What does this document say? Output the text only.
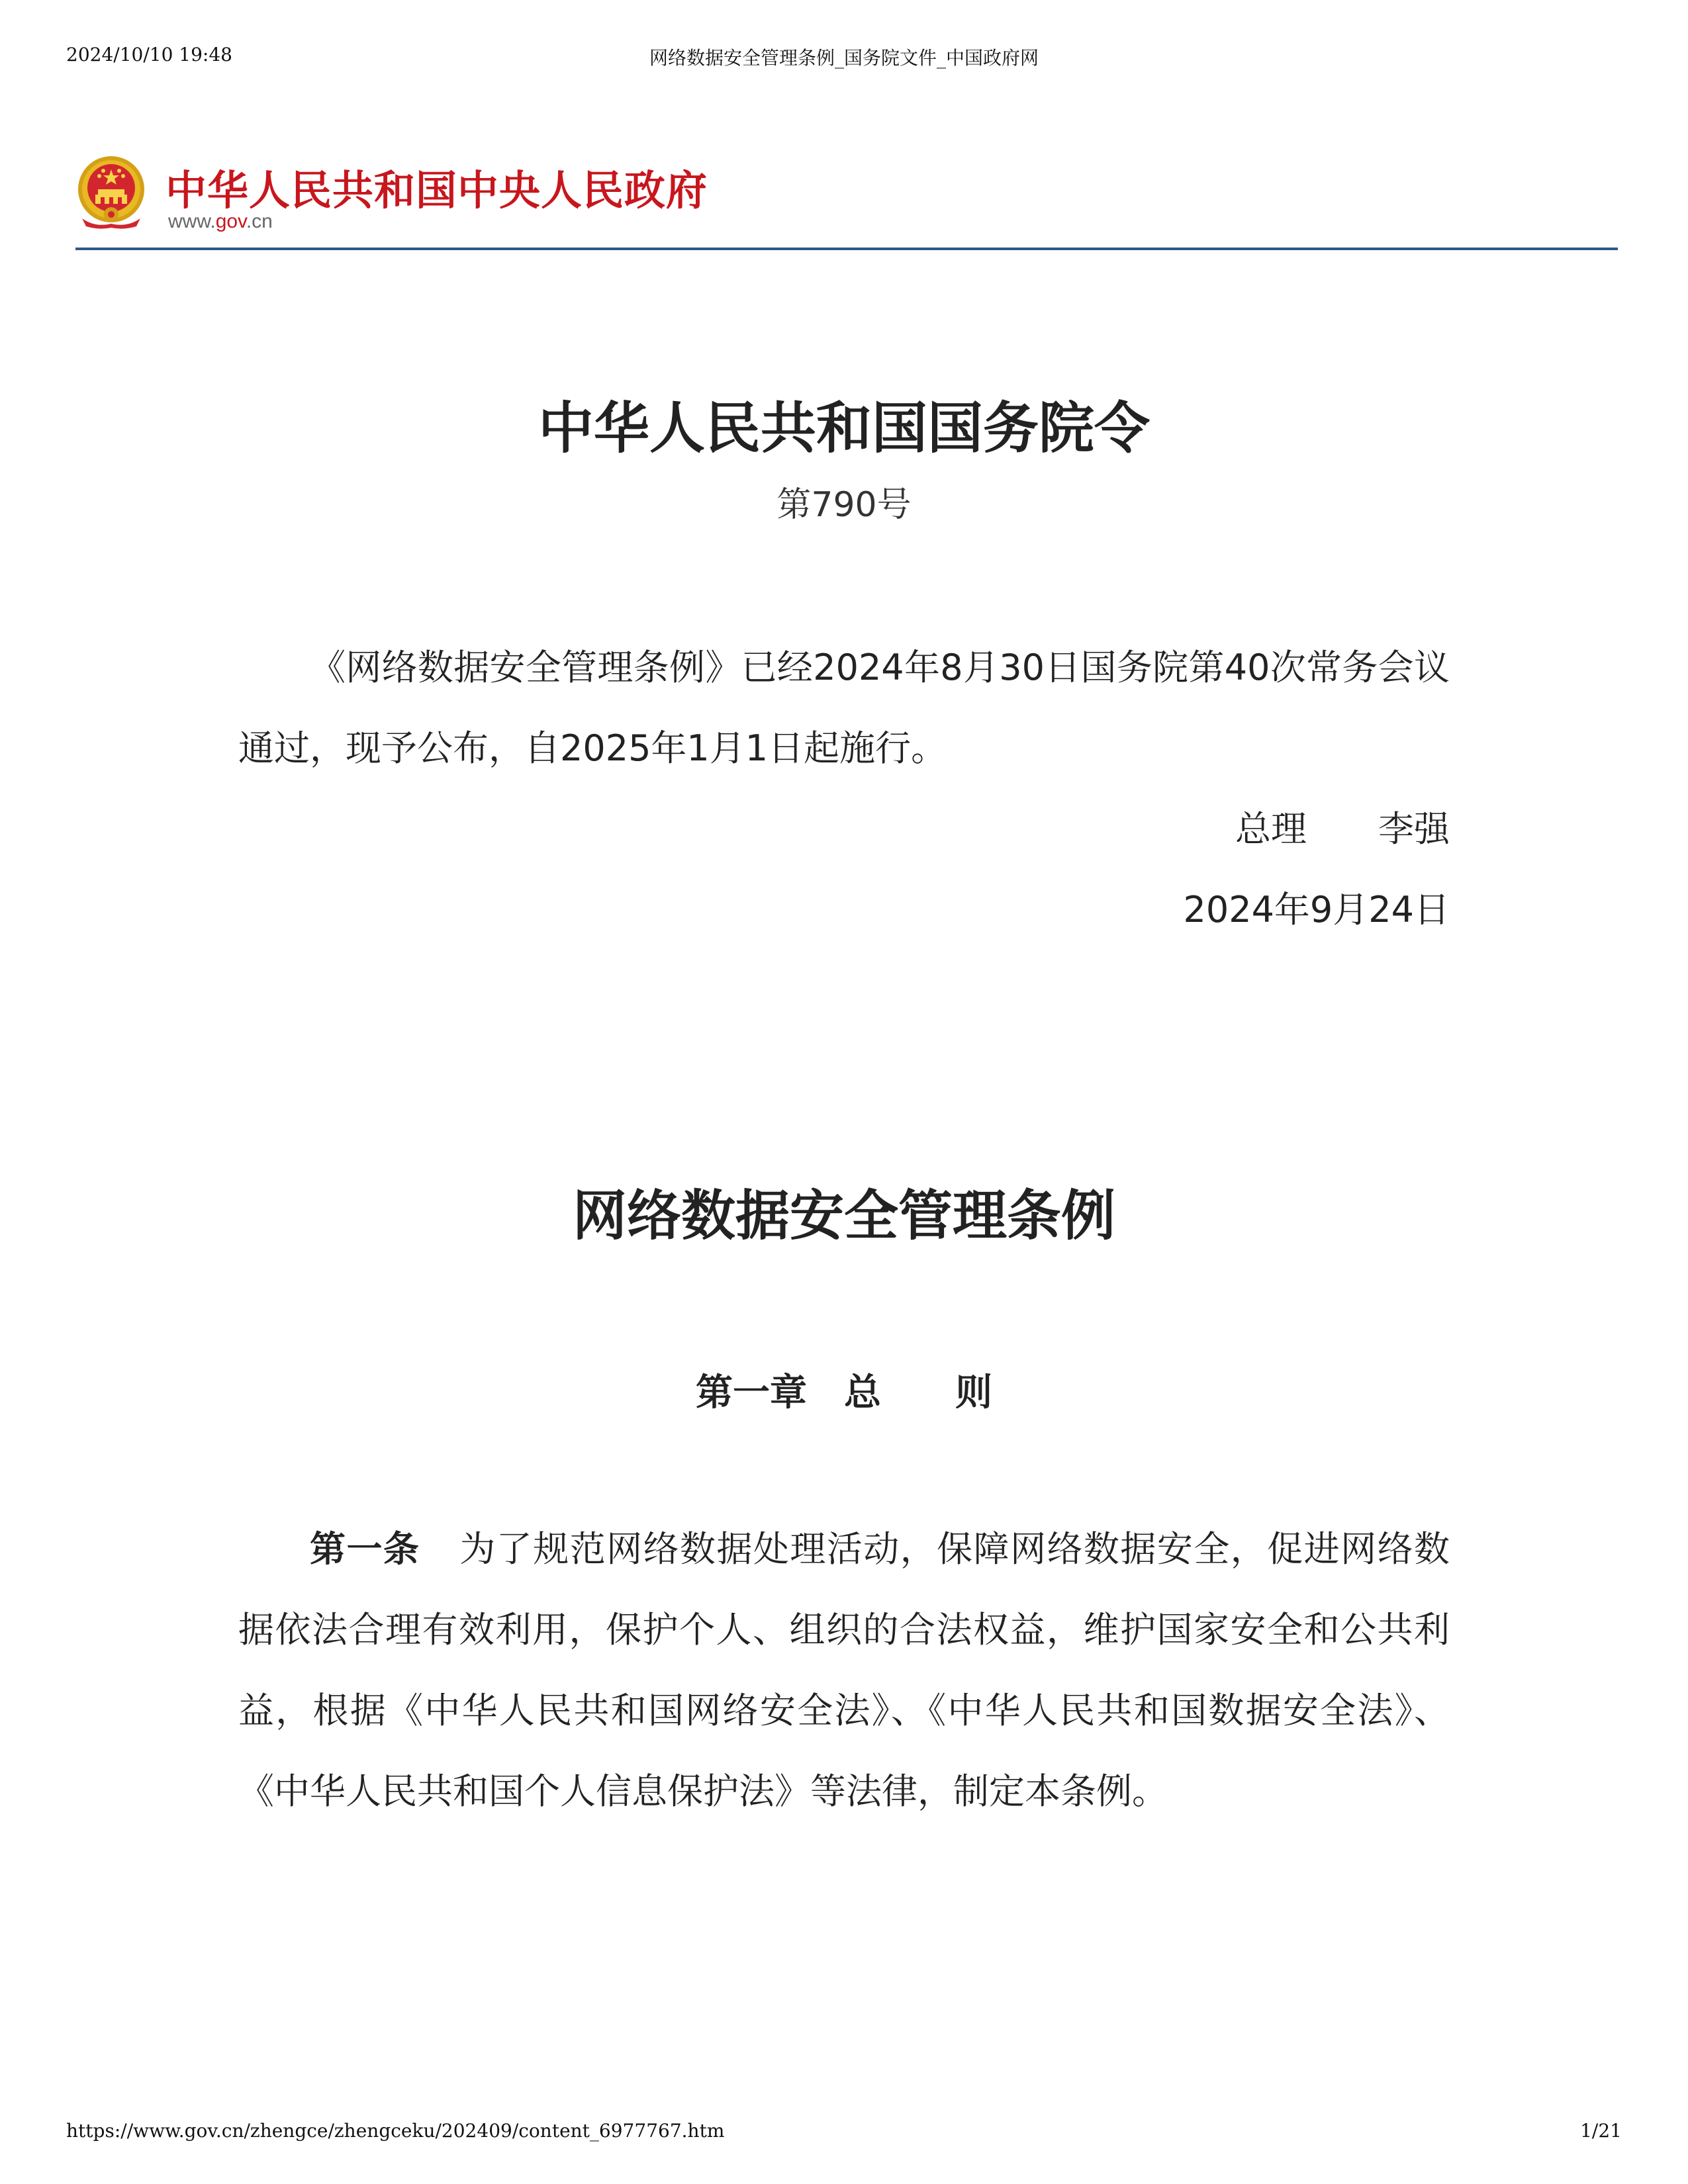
2024/10/10 19:48	网络数据安全管理条例_国务院文件_中国政府网
中华人民共和国中央人民政府
www.gov.cn
中华人民共和国国务院令
第790号
《网络数据安全管理条例》已经2024年8月30日国务院第40次常务会议通过，现予公布，自2025年1月1日起施行。
总理　　李强
2024年9月24日
网络数据安全管理条例
第一章　总　　则
第一条 为了规范网络数据处理活动，保障网络数据安全，促进网络数据依法合理有效利用，保护个人、组织的合法权益，维护国家安全和公共利益，根据《中华人民共和国网络安全法》、《中华人民共和国数据安全法》、《中华人民共和国个人信息保护法》等法律，制定本条例。
https://www.gov.cn/zhengce/zhengceku/202409/content_6977767.htm	1/21
